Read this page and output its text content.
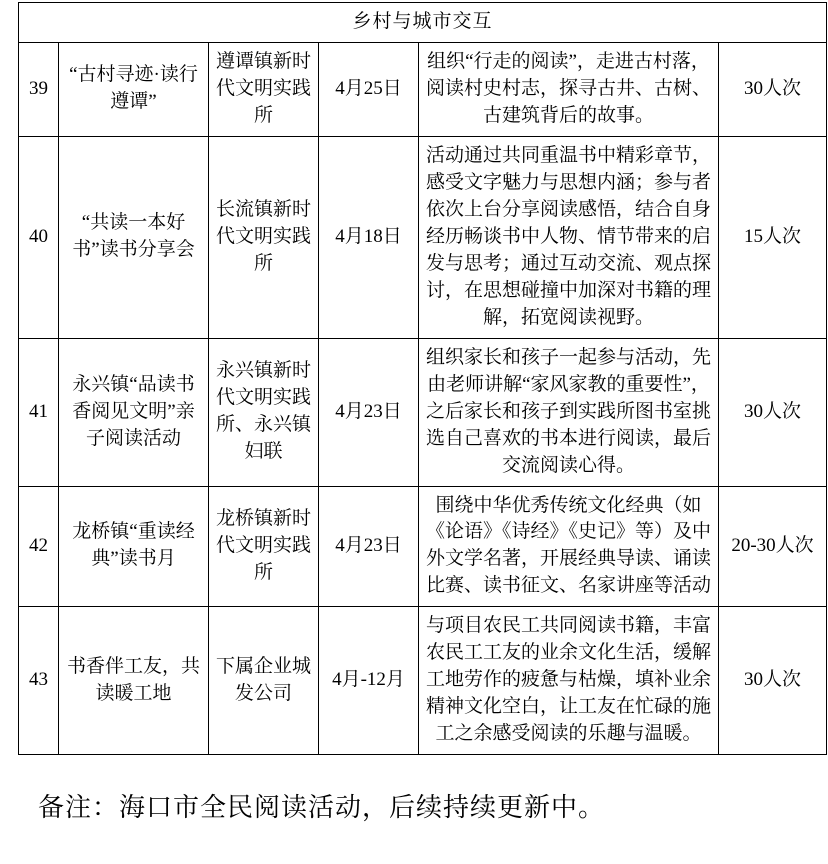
乡村与城市交互					
39	“古村寻迹·读行遵谭”	遵谭镇新时代文明实践所	4月25日	组织“行走的阅读”，走进古村落，阅读村史村志，探寻古井、古树、古建筑背后的故事。	30人次
40	“共读一本好书”读书分享会	长流镇新时代文明实践所	4月18日	活动通过共同重温书中精彩章节，感受文字魅力与思想内涵；参与者依次上台分享阅读感悟，结合自身经历畅谈书中人物、情节带来的启发与思考；通过互动交流、观点探讨，在思想碰撞中加深对书籍的理解，拓宽阅读视野。	15人次
41	永兴镇“品读书香阅见文明”亲子阅读活动	永兴镇新时代文明实践所、永兴镇妇联	4月23日	组织家长和孩子一起参与活动，先由老师讲解“家风家教的重要性”，之后家长和孩子到实践所图书室挑选自己喜欢的书本进行阅读，最后交流阅读心得。	30人次
42	龙桥镇“重读经典”读书月	龙桥镇新时代文明实践所	4月23日	围绕中华优秀传统文化经典（如《论语》《诗经》《史记》等）及中外文学名著，开展经典导读、诵读比赛、读书征文、名家讲座等活动	20-30人次
43	书香伴工友，共读暖工地	下属企业城发公司	4月-12月	与项目农民工共同阅读书籍，丰富农民工工友的业余文化生活，缓解工地劳作的疲惫与枯燥，填补业余精神文化空白，让工友在忙碌的施工之余感受阅读的乐趣与温暖。	30人次
备注：海口市全民阅读活动，后续持续更新中。
